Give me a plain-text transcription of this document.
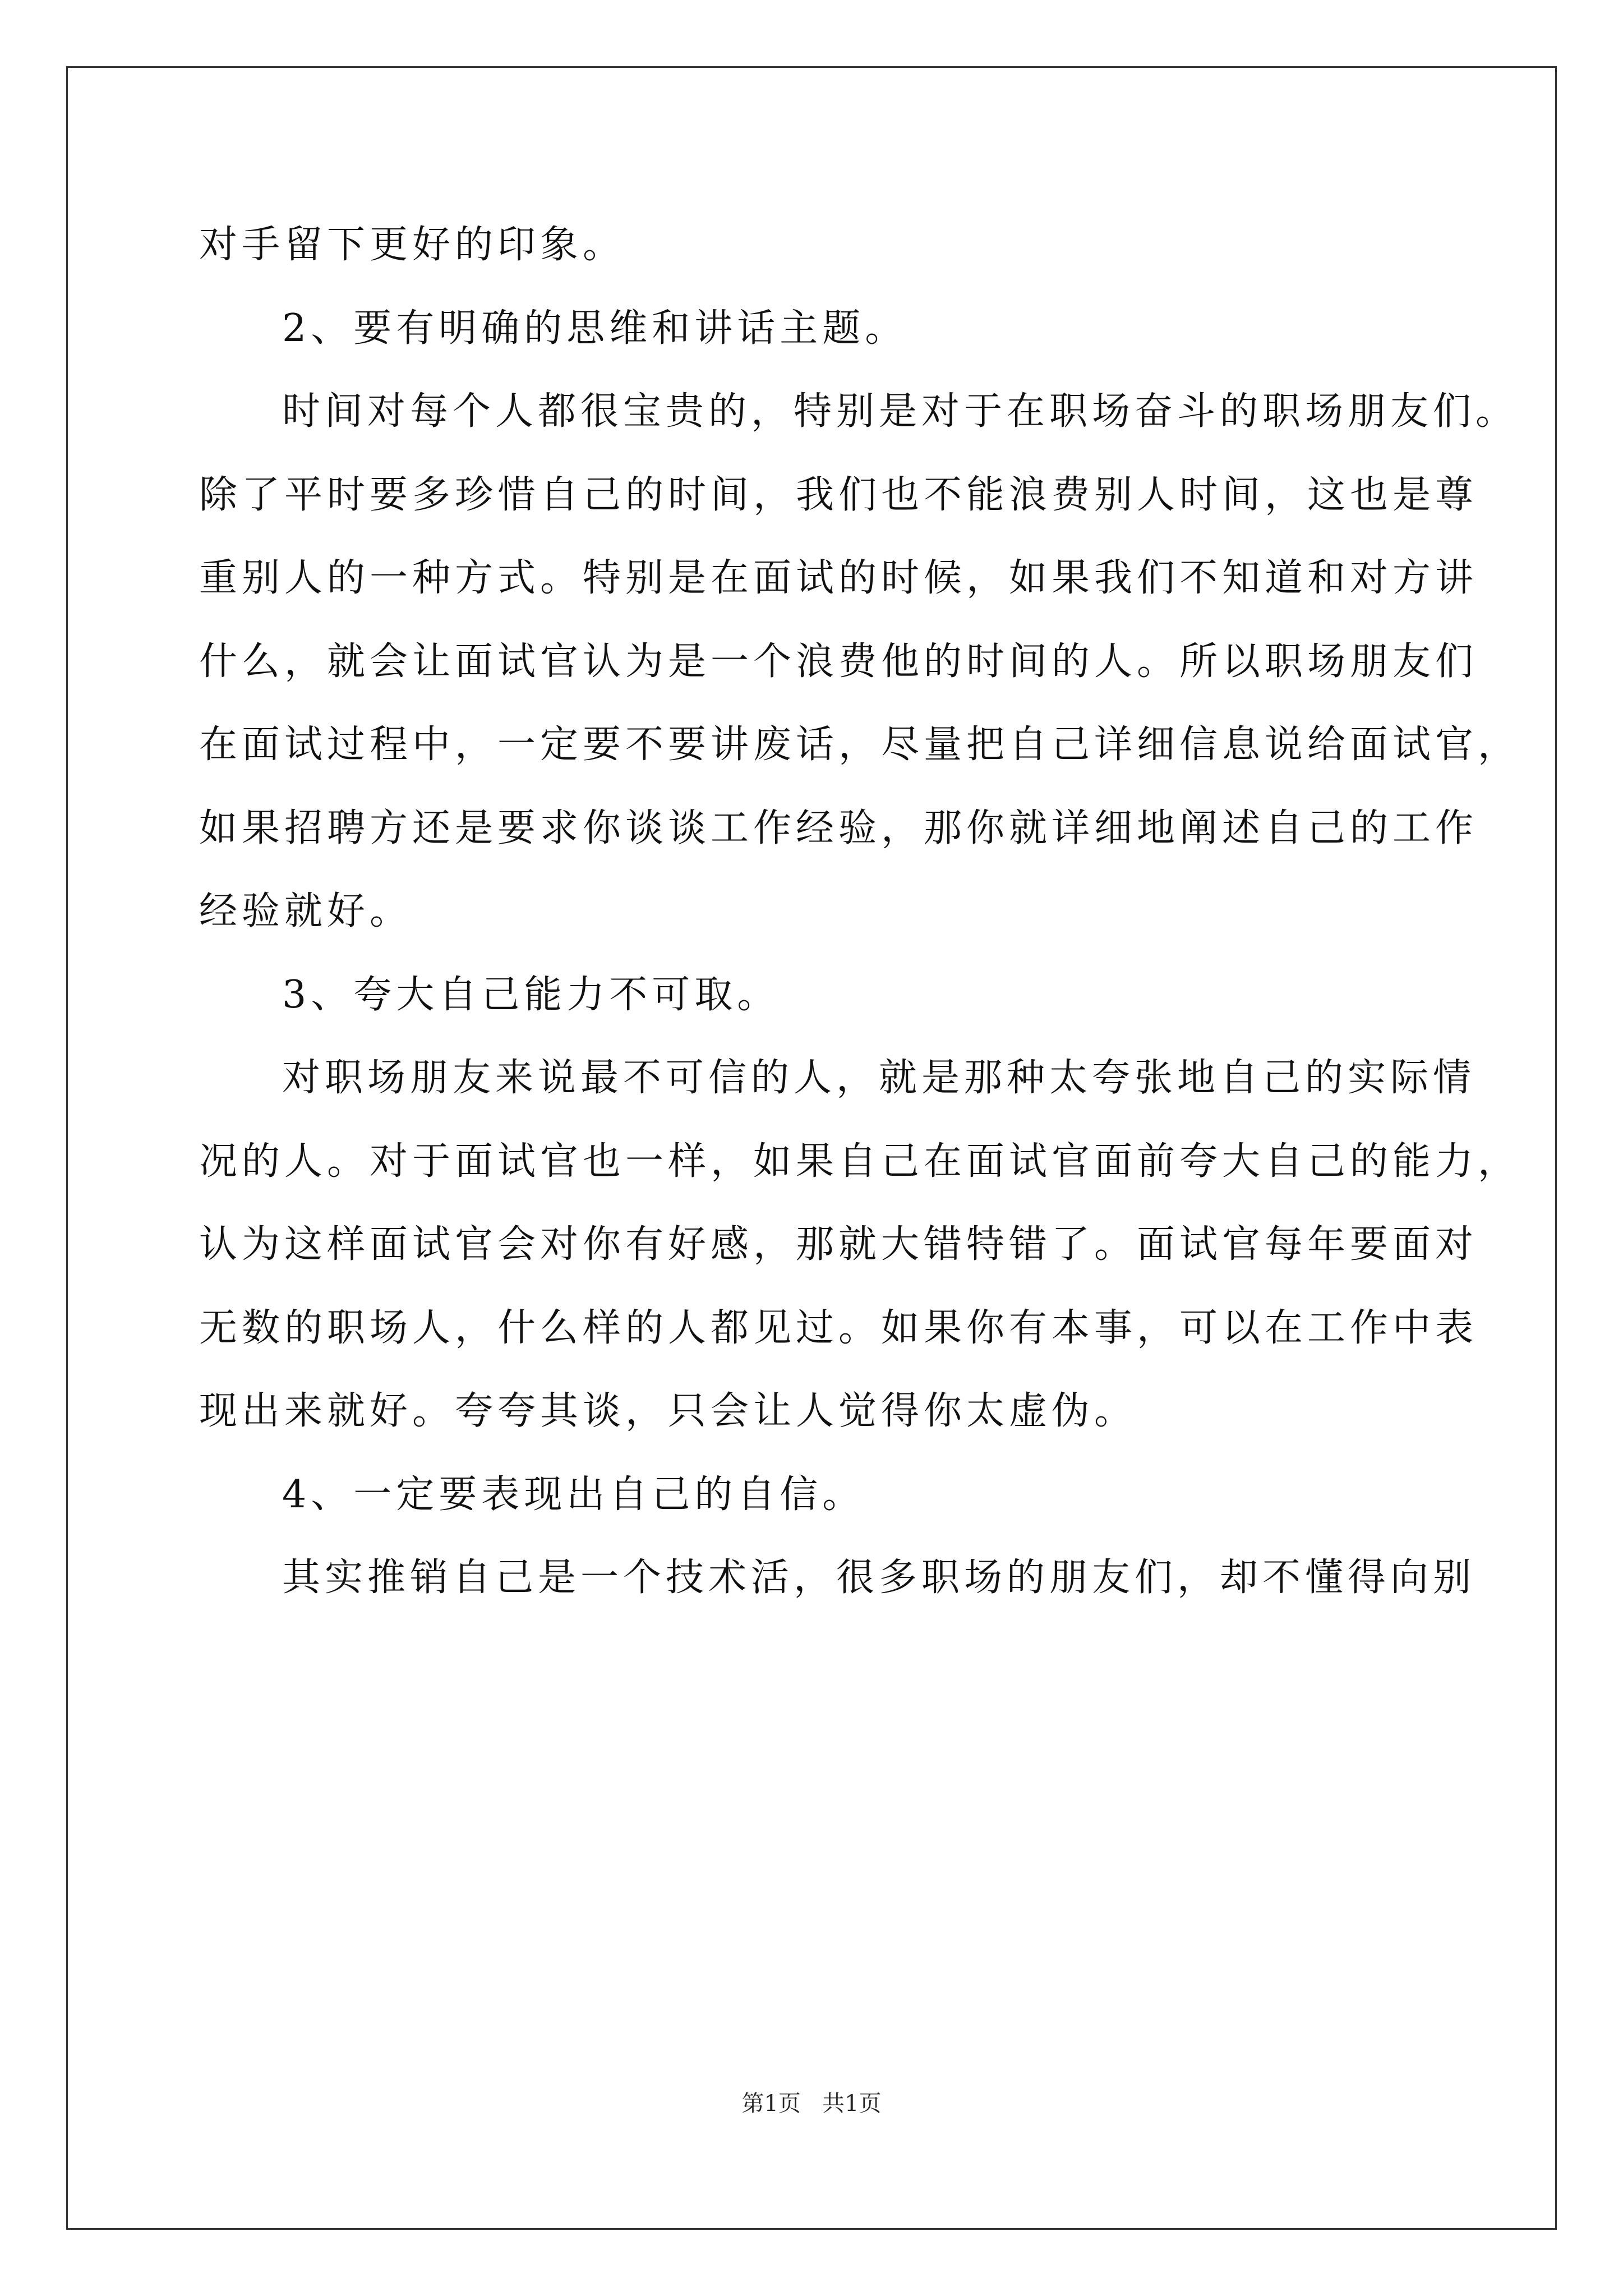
对手留下更好的印象。
2、要有明确的思维和讲话主题。
时间对每个人都很宝贵的，特别是对于在职场奋斗的职场朋友们。
除了平时要多珍惜自己的时间，我们也不能浪费别人时间，这也是尊
重别人的一种方式。特别是在面试的时候，如果我们不知道和对方讲
什么，就会让面试官认为是一个浪费他的时间的人。所以职场朋友们
在面试过程中，一定要不要讲废话，尽量把自己详细信息说给面试官，
如果招聘方还是要求你谈谈工作经验，那你就详细地阐述自己的工作
经验就好。
3、夸大自己能力不可取。
对职场朋友来说最不可信的人，就是那种太夸张地自己的实际情
况的人。对于面试官也一样，如果自己在面试官面前夸大自己的能力，
认为这样面试官会对你有好感，那就大错特错了。面试官每年要面对
无数的职场人，什么样的人都见过。如果你有本事，可以在工作中表
现出来就好。夸夸其谈，只会让人觉得你太虚伪。
4、一定要表现出自己的自信。
其实推销自己是一个技术活，很多职场的朋友们，却不懂得向别
第1页   共1页
